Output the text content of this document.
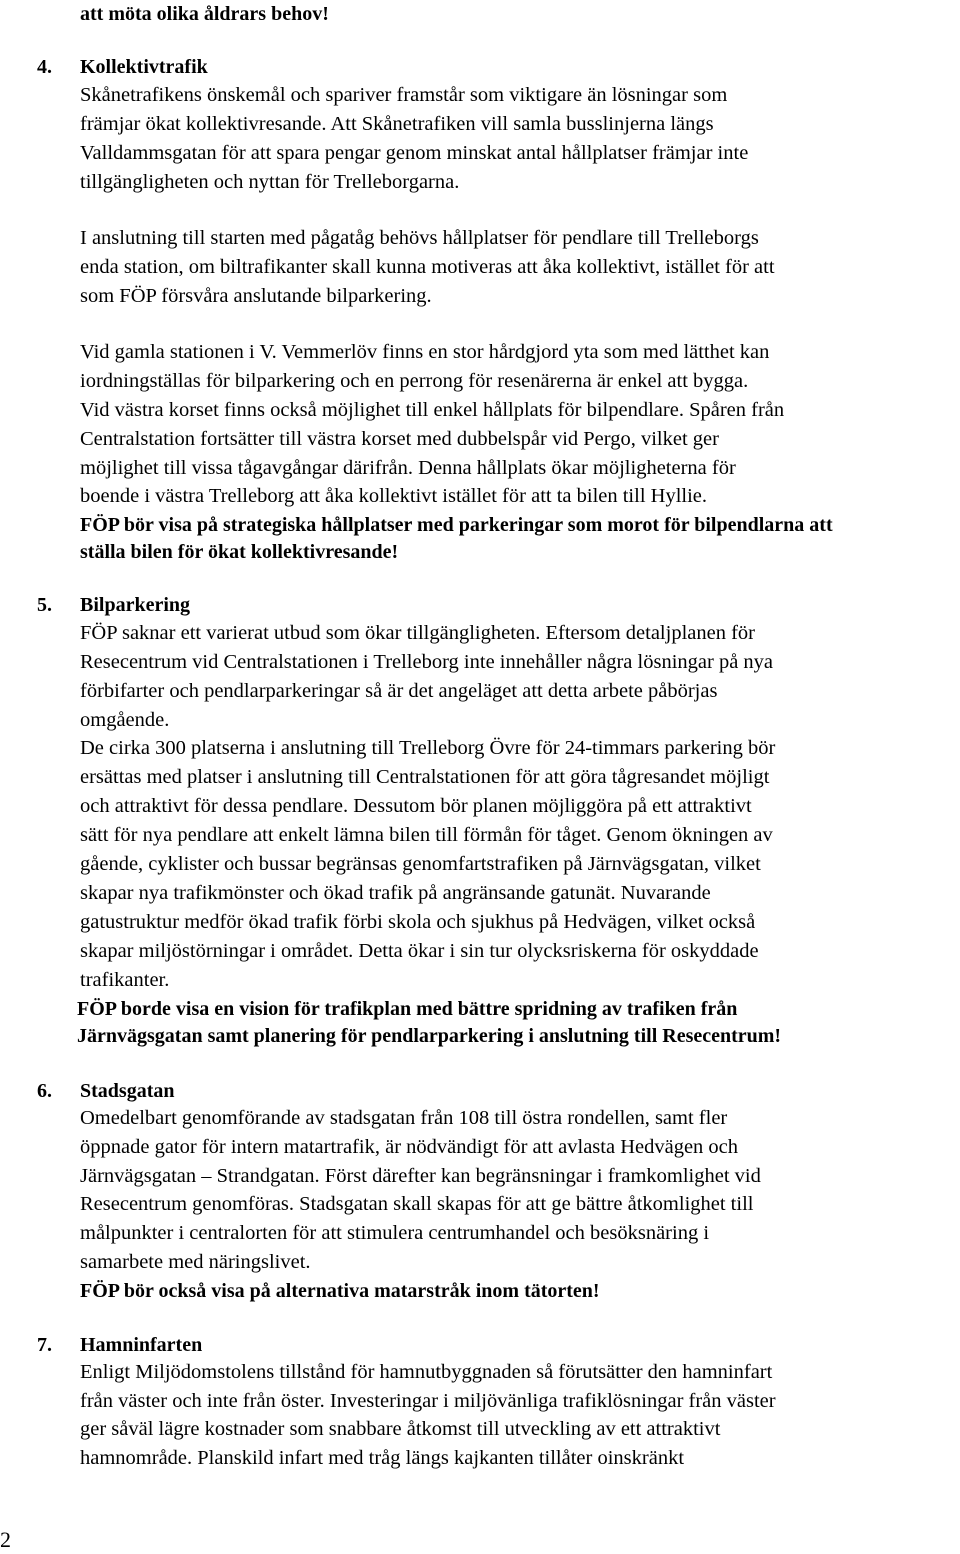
att möta olika åldrars behov!
4. Kollektivtrafik
Skånetrafikens önskemål och spariver framstår som viktigare än lösningar som
främjar ökat kollektivresande. Att Skånetrafiken vill samla busslinjerna längs
Valldammsgatan för att spara pengar genom minskat antal hållplatser främjar inte
tillgängligheten och nyttan för Trelleborgarna.
I anslutning till starten med pågatåg behövs hållplatser för pendlare till Trelleborgs
enda station, om biltrafikanter skall kunna motiveras att åka kollektivt, istället för att
som FÖP försvåra anslutande bilparkering.
Vid gamla stationen i V. Vemmerlöv finns en stor hårdgjord yta som med lätthet kan
iordningställas för bilparkering och en perrong för resenärerna är enkel att bygga.
Vid västra korset finns också möjlighet till enkel hållplats för bilpendlare. Spåren från
Centralstation fortsätter till västra korset med dubbelspår vid Pergo, vilket ger
möjlighet till vissa tågavgångar därifrån. Denna hållplats ökar möjligheterna för
boende i västra Trelleborg att åka kollektivt istället för att ta bilen till Hyllie.
FÖP bör visa på strategiska hållplatser med parkeringar som morot för bilpendlarna att
ställa bilen för ökat kollektivresande!
5. Bilparkering
FÖP saknar ett varierat utbud som ökar tillgängligheten. Eftersom detaljplanen för
Resecentrum vid Centralstationen i Trelleborg inte innehåller några lösningar på nya
förbifarter och pendlarparkeringar så är det angeläget att detta arbete påbörjas
omgående.
De cirka 300 platserna i anslutning till Trelleborg Övre för 24-timmars parkering bör
ersättas med platser i anslutning till Centralstationen för att göra tågresandet möjligt
och attraktivt för dessa pendlare. Dessutom bör planen möjliggöra på ett attraktivt
sätt för nya pendlare att enkelt lämna bilen till förmån för tåget. Genom ökningen av
gående, cyklister och bussar begränsas genomfartstrafiken på Järnvägsgatan, vilket
skapar nya trafikmönster och ökad trafik på angränsande gatunät. Nuvarande
gatustruktur medför ökad trafik förbi skola och sjukhus på Hedvägen, vilket också
skapar miljöstörningar i området. Detta ökar i sin tur olycksriskerna för oskyddade
trafikanter.
FÖP borde visa en vision för trafikplan med bättre spridning av trafiken från
Järnvägsgatan samt planering för pendlarparkering i anslutning till Resecentrum!
6. Stadsgatan
Omedelbart genomförande av stadsgatan från 108 till östra rondellen, samt fler
öppnade gator för intern matartrafik, är nödvändigt för att avlasta Hedvägen och
Järnvägsgatan – Strandgatan. Först därefter kan begränsningar i framkomlighet vid
Resecentrum genomföras. Stadsgatan skall skapas för att ge bättre åtkomlighet till
målpunkter i centralorten för att stimulera centrumhandel och besöksnäring i
samarbete med näringslivet.
FÖP bör också visa på alternativa matarstråk inom tätorten!
7. Hamninfarten
Enligt Miljödomstolens tillstånd för hamnutbyggnaden så förutsätter den hamninfart
från väster och inte från öster. Investeringar i miljövänliga trafiklösningar från väster
ger såväl lägre kostnader som snabbare åtkomst till utveckling av ett attraktivt
hamnområde. Planskild infart med tråg längs kajkanten tillåter oinskränkt
2
